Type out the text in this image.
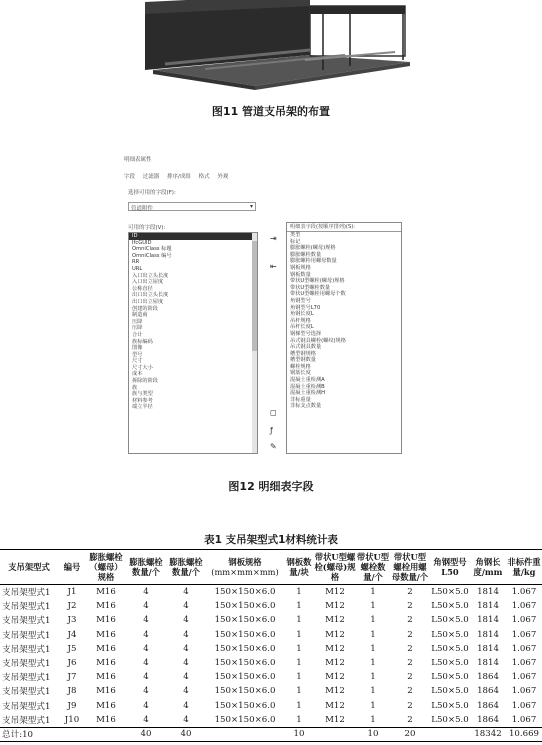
图11 管道支吊架的布置
明细表属性
字段 过滤器 排序/成组 格式 外观
选择可用的字段(F):
管道附件	▾
可用的字段(V):
ID
IfcGUID
OmniClass 标题
OmniClass 编号
RR
URL
入口出立头长度
入口出立屋度
公称直径
出口出立头长度
出口出立屋度
创建的阶段
制造商
压降
压降
合计
族标编码
图像
型号
尺寸
尺寸大小
成本
拆除的阶段
族
族与类型
材料参考
端立半径
⇥
⇤
◻
ƒ
✎
明细表字段(按顺序排列)(S):
类型
标记
膨胀螺栓(螺母)规格
膨胀螺栓数量
膨胀螺栓用螺母数量
钢板规格
钢板数量
带状U型螺栓(螺母)规格
带状U型螺栓数量
带状U型螺栓用螺母个数
角钢型号
角钢型号L70
角钢长度L
吊杆规格
吊杆长度L
钢梯型号选择
吊式钢具螺栓(螺纹)规格
吊式钢具数量
槽型钢规格
槽型钢数量
螺栓规格
钢筋长度
混凝土重检测A
混凝土重检测B
混凝土重检测H
非标重量
非标支点数量
图12 明细表字段
表1 支吊架型式1材料统计表
支吊架型式	编号	膨胀螺栓（螺母）规格	膨胀螺栓数量/个	膨胀螺栓数量/个	钢板规格
(mm×mm×mm)	钢板数量/块	带状U型螺栓(螺母)规格	带状U型螺栓数量/个	带状U型螺栓用螺母数量/个	角钢型号L50	角钢长度/mm	非标件重量/kg
支吊架型式1	J1	M16	4	4	150×150×6.0	1	M12	1	2	L50×5.0	1814	1.067
支吊架型式1	J2	M16	4	4	150×150×6.0	1	M12	1	2	L50×5.0	1814	1.067
支吊架型式1	J3	M16	4	4	150×150×6.0	1	M12	1	2	L50×5.0	1814	1.067
支吊架型式1	J4	M16	4	4	150×150×6.0	1	M12	1	2	L50×5.0	1814	1.067
支吊架型式1	J5	M16	4	4	150×150×6.0	1	M12	1	2	L50×5.0	1814	1.067
支吊架型式1	J6	M16	4	4	150×150×6.0	1	M12	1	2	L50×5.0	1814	1.067
支吊架型式1	J7	M16	4	4	150×150×6.0	1	M12	1	2	L50×5.0	1864	1.067
支吊架型式1	J8	M16	4	4	150×150×6.0	1	M12	1	2	L50×5.0	1864	1.067
支吊架型式1	J9	M16	4	4	150×150×6.0	1	M12	1	2	L50×5.0	1864	1.067
支吊架型式1	J10	M16	4	4	150×150×6.0	1	M12	1	2	L50×5.0	1864	1.067
总计:10			40	40		10		10	20		18342	10.669
